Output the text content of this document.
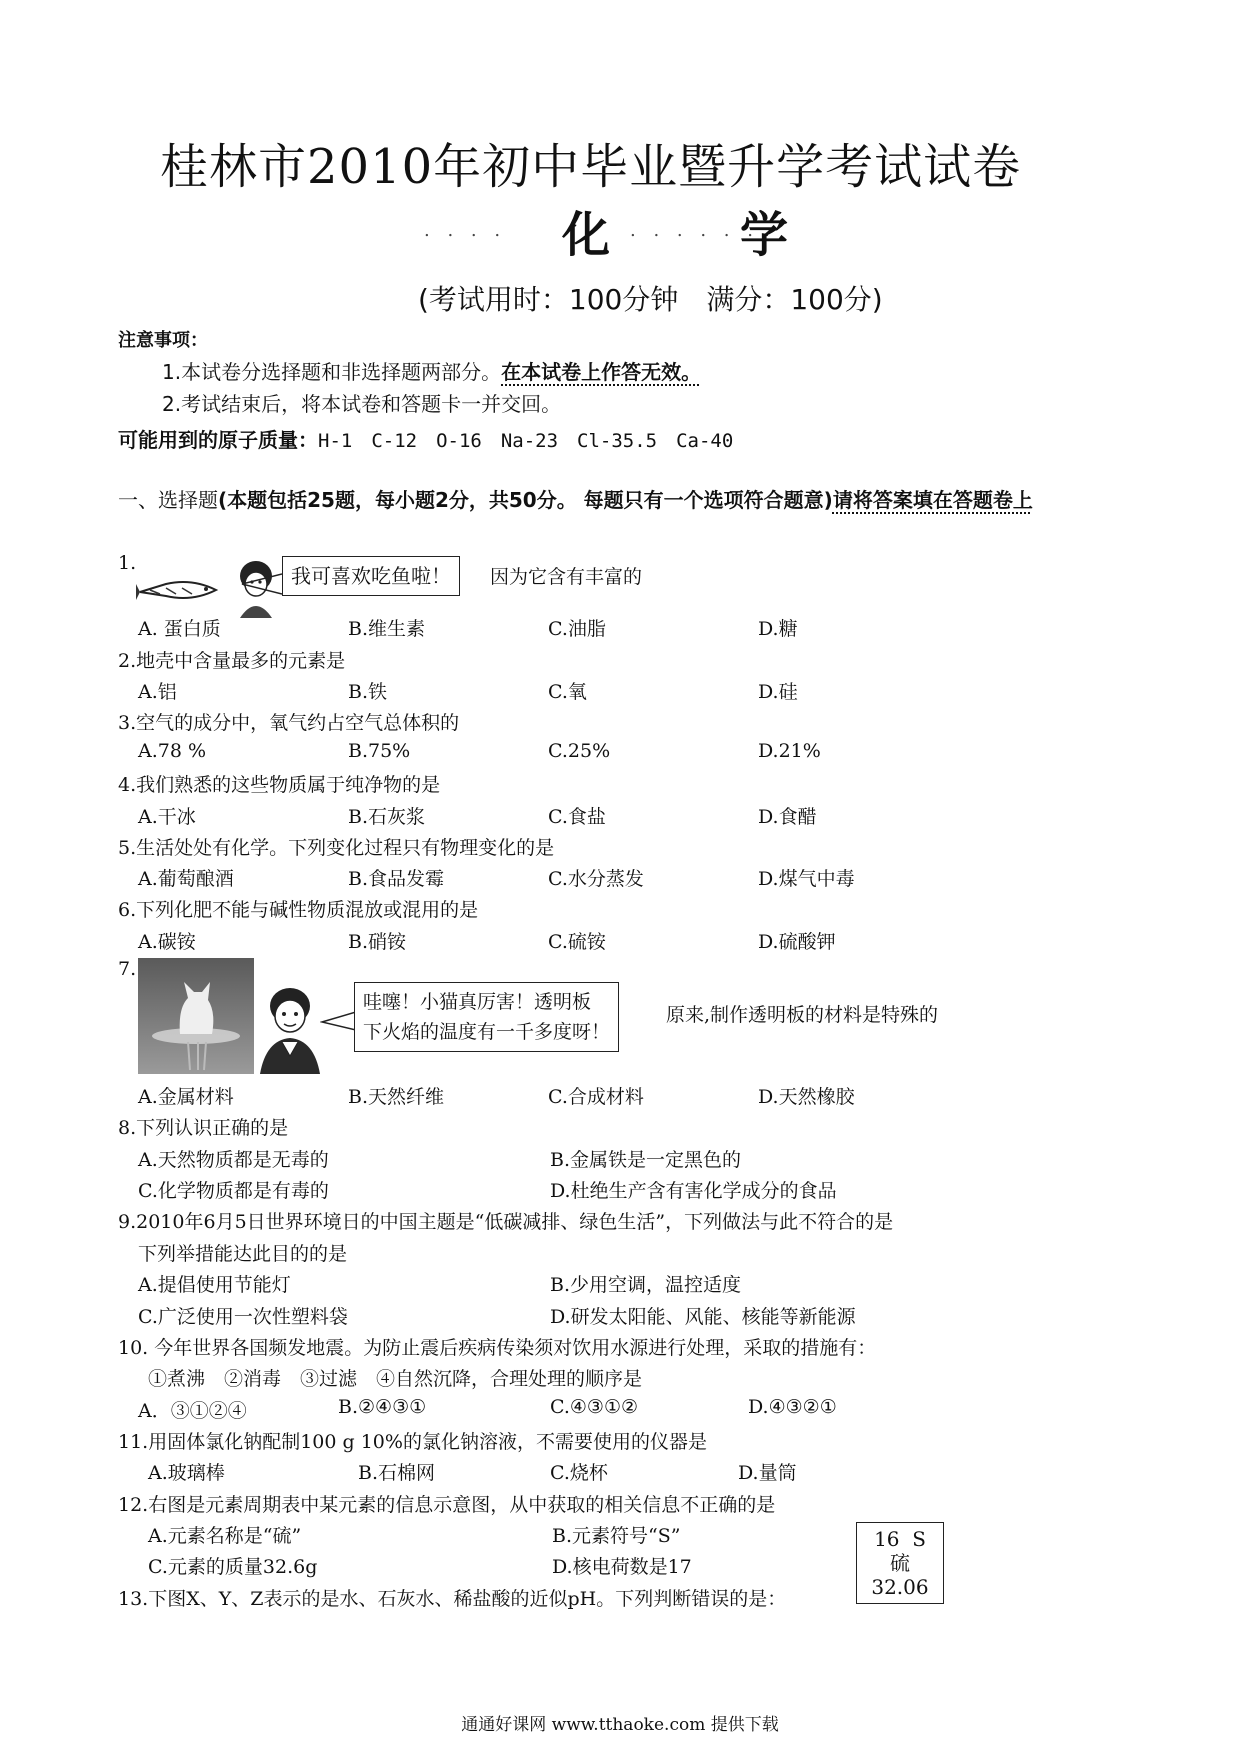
桂林市2010年初中毕业暨升学考试试卷
. . . . 化 . . . . . .
学
(考试用时：100分钟　满分：100分)
注意事项：
1.本试卷分选择题和非选择题两部分。在本试卷上作答无效。
2.考试结束后，将本试卷和答题卡一并交回。
可能用到的原子质量：H-1　C-12　O-16　Na-23　Cl-35.5　Ca-40
一、选择题(本题包括25题，每小题2分，共50分。 每题只有一个选项符合题意)请将答案填在答题卷上
1.
我可喜欢吃鱼啦！	因为它含有丰富的
A. 蛋白质	B.维生素	C.油脂	D.糖
2.地壳中含量最多的元素是
A.铝	B.铁	C.氧	D.硅
3.空气的成分中，氧气约占空气总体积的
A.78 %	B.75%	C.25%	D.21%
4.我们熟悉的这些物质属于纯净物的是
A.干冰	B.石灰浆	C.食盐	D.食醋
5.生活处处有化学。下列变化过程只有物理变化的是
A.葡萄酿酒	B.食品发霉	C.水分蒸发	D.煤气中毒
6.下列化肥不能与碱性物质混放或混用的是
A.碳铵	B.硝铵	C.硫铵	D.硫酸钾
7.
哇噻！小猫真厉害！透明板
下火焰的温度有一千多度呀！
原来,制作透明板的材料是特殊的
A.金属材料	B.天然纤维	C.合成材料	D.天然橡胶
8.下列认识正确的是
A.天然物质都是无毒的	B.金属铁是一定黑色的
C.化学物质都是有毒的	D.杜绝生产含有害化学成分的食品
9.2010年6月5日世界环境日的中国主题是“低碳减排、绿色生活”，下列做法与此不符合的是
下列举措能达此目的的是
A.提倡使用节能灯	B.少用空调，温控适度
C.广泛使用一次性塑料袋	D.研发太阳能、风能、核能等新能源
10. 今年世界各国频发地震。为防止震后疾病传染须对饮用水源进行处理，采取的措施有：
①煮沸　②消毒　③过滤　④自然沉降，合理处理的顺序是
A．③①②④	B.②④③①	C.④③①②	D.④③②①
11.用固体氯化钠配制100 g 10%的氯化钠溶液，不需要使用的仪器是
A.玻璃棒	B.石棉网	C.烧杯	D.量筒
12.右图是元素周期表中某元素的信息示意图，从中获取的相关信息不正确的是
A.元素名称是“硫”	B.元素符号“S”
C.元素的质量32.6g	D.核电荷数是17
16 S
硫
32.06
13.下图X、Y、Z表示的是水、石灰水、稀盐酸的近似pH。下列判断错误的是：
通通好课网 www.tthaoke.com 提供下载
